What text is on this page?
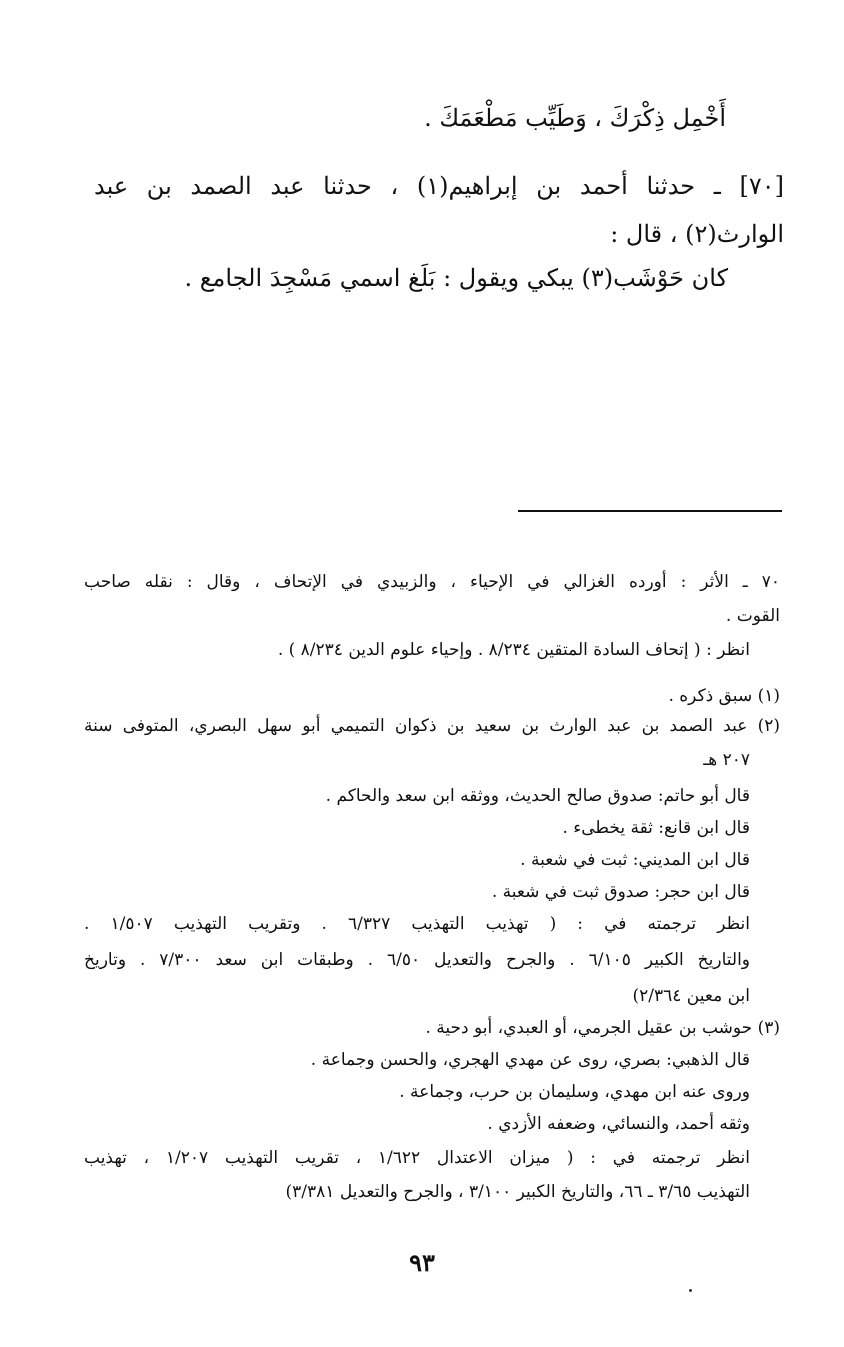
أَخْمِل ذِكْرَكَ ، وَطَيِّب مَطْعَمَكَ .
[٧٠] ـ حدثنا أحمد بن إبراهيم(١) ، حدثنا عبد الصمد بن عبد
الوارث(٢) ، قال :
كان حَوْشَب(٣) يبكي ويقول : بَلَغ اسمي مَسْجِدَ الجامع .
٧٠ ـ الأثر : أورده الغزالي في الإحياء ، والزبيدي في الإتحاف ، وقال : نقله صاحب
القوت .
انظر : ( إتحاف السادة المتقين ٨/٢٣٤ . وإحياء علوم الدين ٨/٢٣٤ ) .
(١) سبق ذكره .
(٢) عبد الصمد بن عبد الوارث بن سعيد بن ذكوان التميمي أبو سهل البصري، المتوفى سنة
٢٠٧ هـ
قال أبو حاتم: صدوق صالح الحديث، ووثقه ابن سعد والحاكم .
قال ابن قانع: ثقة يخطىء .
قال ابن المديني: ثبت في شعبة .
قال ابن حجر: صدوق ثبت في شعبة .
انظر ترجمته في : ( تهذيب التهذيب ٦/٣٢٧ . وتقريب التهذيب ١/٥٠٧ .
والتاريخ الكبير ٦/١٠٥ . والجرح والتعديل ٦/٥٠ . وطبقات ابن سعد ٧/٣٠٠ . وتاريخ
ابن معين ٢/٣٦٤)
(٣) حوشب بن عقيل الجرمي، أو العبدي، أبو دحية .
قال الذهبي: بصري، روى عن مهدي الهجري، والحسن وجماعة .
وروى عنه ابن مهدي، وسليمان بن حرب، وجماعة .
وثقه أحمد، والنسائي، وضعفه الأزدي .
انظر ترجمته في : ( ميزان الاعتدال ١/٦٢٢ ، تقريب التهذيب ١/٢٠٧ ، تهذيب
التهذيب ٣/٦٥ ـ ٦٦، والتاريخ الكبير ٣/١٠٠ ، والجرح والتعديل ٣/٣٨١)
٩٣
